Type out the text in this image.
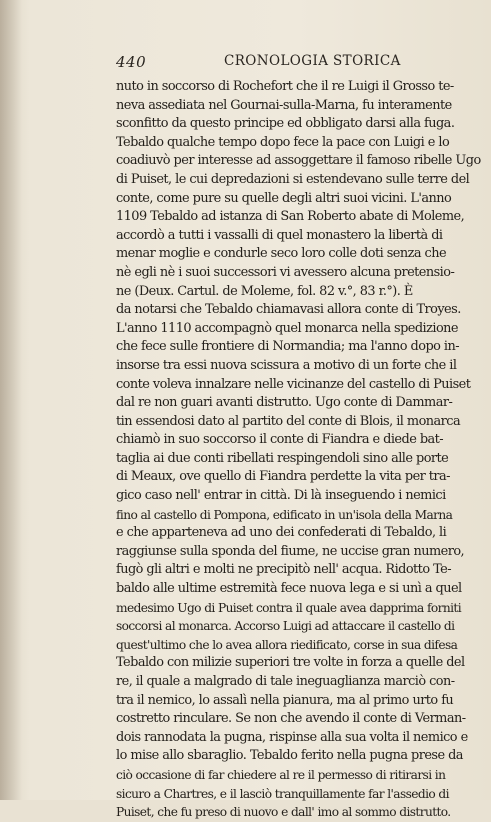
440	CRONOLOGIA STORICA
nuto in soccorso di Rochefort che il re Luigi il Grosso te-
neva assediata nel Gournai-sulla-Marna, fu interamente
sconfitto da questo principe ed obbligato darsi alla fuga.
Tebaldo qualche tempo dopo fece la pace con Luigi e lo
coadiuvò per interesse ad assoggettare il famoso ribelle Ugo
di Puiset, le cui depredazioni si estendevano sulle terre del
conte, come pure su quelle degli altri suoi vicini. L'anno
1109 Tebaldo ad istanza di San Roberto abate di Moleme,
accordò a tutti i vassalli di quel monastero la libertà di
menar moglie e condurle seco loro colle doti senza che
nè egli nè i suoi successori vi avessero alcuna pretensio-
ne (Deux. Cartul. de Moleme, fol. 82 v.°, 83 r.°). È
da notarsi che Tebaldo chiamavasi allora conte di Troyes.
L'anno 1110 accompagnò quel monarca nella spedizione
che fece sulle frontiere di Normandia; ma l'anno dopo in-
insorse tra essi nuova scissura a motivo di un forte che il
conte voleva innalzare nelle vicinanze del castello di Puiset
dal re non guari avanti distrutto. Ugo conte di Dammar-
tin essendosi dato al partito del conte di Blois, il monarca
chiamò in suo soccorso il conte di Fiandra e diede bat-
taglia ai due conti ribellati respingendoli sino alle porte
di Meaux, ove quello di Fiandra perdette la vita per tra-
gico caso nell' entrar in città. Di là inseguendo i nemici
fino al castello di Pompona, edificato in un'isola della Marna
e che apparteneva ad uno dei confederati di Tebaldo, li
raggiunse sulla sponda del fiume, ne uccise gran numero,
fugò gli altri e molti ne precipitò nell' acqua. Ridotto Te-
baldo alle ultime estremità fece nuova lega e si unì a quel
medesimo Ugo di Puiset contra il quale avea dapprima forniti
soccorsi al monarca. Accorso Luigi ad attaccare il castello di
quest'ultimo che lo avea allora riedificato, corse in sua difesa
Tebaldo con milizie superiori tre volte in forza a quelle del
re, il quale a malgrado di tale ineguaglianza marciò con-
tra il nemico, lo assalì nella pianura, ma al primo urto fu
costretto rinculare. Se non che avendo il conte di Verman-
dois rannodata la pugna, rispinse alla sua volta il nemico e
lo mise allo sbaraglio. Tebaldo ferito nella pugna prese da
ciò occasione di far chiedere al re il permesso di ritirarsi in
sicuro a Chartres, e il lasciò tranquillamente far l'assedio di
Puiset, che fu preso di nuovo e dall' imo al sommo distrutto.
